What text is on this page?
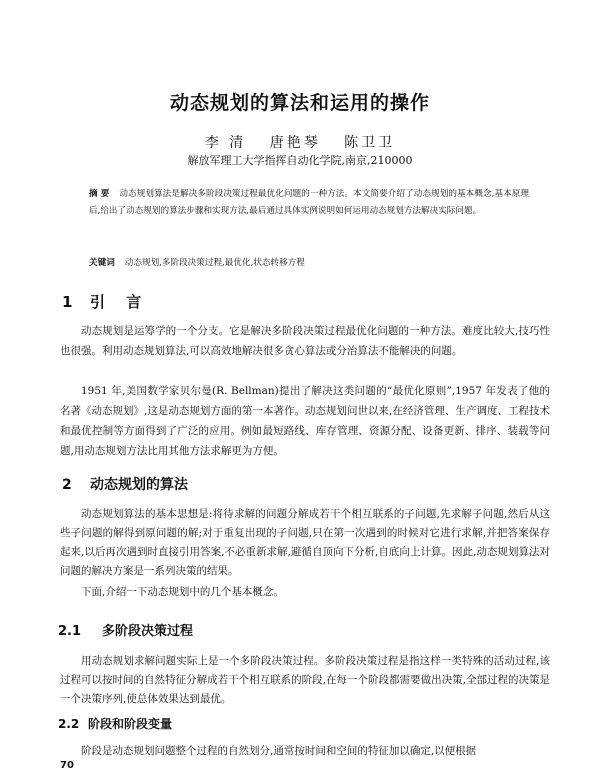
动态规划的算法和运用的操作
李 清 唐艳琴 陈卫卫
解放军理工大学指挥自动化学院,南京,210000
摘 要 动态规划算法是解决多阶段决策过程最优化问题的一种方法。本文简要介绍了动态规划的基本概念,基本原理后,给出了动态规划的算法步骤和实现方法,最后通过具体实例说明如何运用动态规划方法解决实际问题。
关键词 动态规划,多阶段决策过程,最优化,状态转移方程
1 引 言
动态规划是运筹学的一个分支。它是解决多阶段决策过程最优化问题的一种方法。难度比较大,技巧性也很强。利用动态规划算法,可以高效地解决很多贪心算法或分治算法不能解决的问题。
1951 年,美国数学家贝尔曼(R. Bellman)提出了解决这类问题的“最优化原则”,1957 年发表了他的名著《动态规划》,这是动态规划方面的第一本著作。动态规划问世以来,在经济管理、生产调度、工程技术和最优控制等方面得到了广泛的应用。例如最短路线、库存管理、资源分配、设备更新、排序、装载等问题,用动态规划方法比用其他方法求解更为方便。
2 动态规划的算法
动态规划算法的基本思想是:将待求解的问题分解成若干个相互联系的子问题,先求解子问题,然后从这些子问题的解得到原问题的解;对于重复出现的子问题,只在第一次遇到的时候对它进行求解,并把答案保存起来,以后再次遇到时直接引用答案,不必重新求解,避循自顶向下分析,自底向上计算。因此,动态规划算法对问题的解决方案是一系列决策的结果。
下面,介绍一下动态规划中的几个基本概念。
2.1 多阶段决策过程
用动态规划求解问题实际上是一个多阶段决策过程。多阶段决策过程是指这样一类特殊的活动过程,该过程可以按时间的自然特征分解成若干个相互联系的阶段,在每一个阶段都需要做出决策,全部过程的决策是一个决策序列,使总体效果达到最优。
2.2 阶段和阶段变量
阶段是动态规划问题整个过程的自然划分,通常按时间和空间的特征加以确定,以便根据
70
